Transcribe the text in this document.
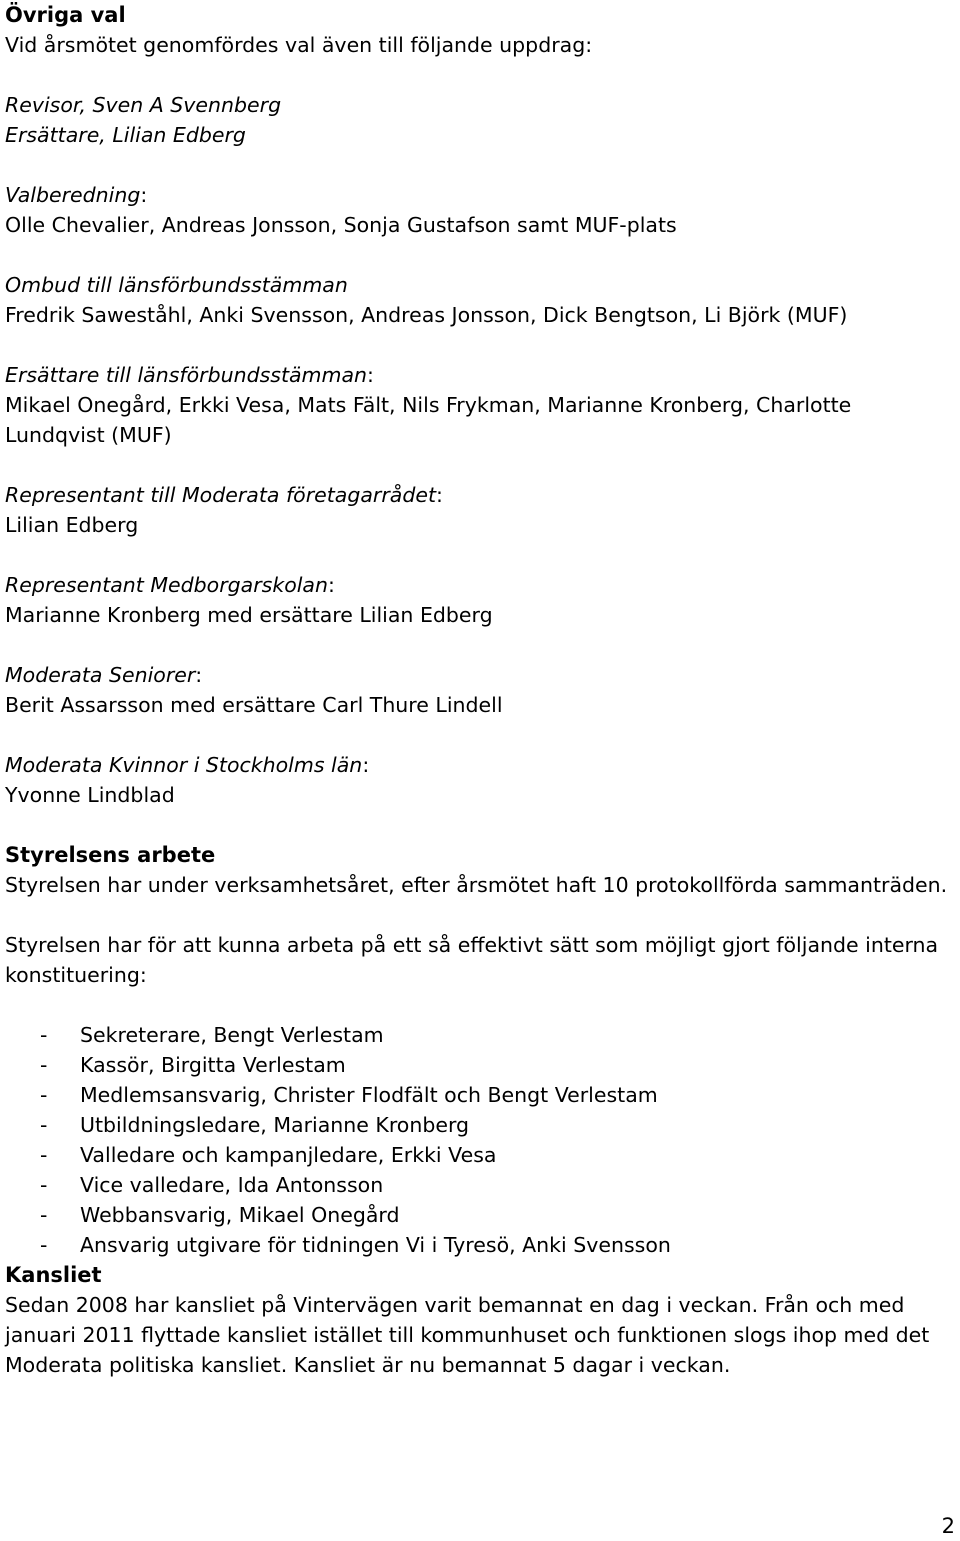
Övriga val

Vid årsmötet genomfördes val även till följande uppdrag:

Revisor, Sven A Svennberg

Ersättare, Lilian Edberg

Valberedning:

Olle Chevalier, Andreas Jonsson, Sonja Gustafson samt MUF-plats

Ombud till länsförbundsstämman

Fredrik Saweståhl, Anki Svensson, Andreas Jonsson, Dick Bengtson, Li Björk (MUF)

Ersättare till länsförbundsstämman:

Mikael Onegård, Erkki Vesa, Mats Fält, Nils Frykman, Marianne Kronberg, Charlotte Lundqvist (MUF)

Representant till Moderata företagarrådet:

Lilian Edberg

Representant Medborgarskolan:

Marianne Kronberg med ersättare Lilian Edberg

Moderata Seniorer:

Berit Assarsson med ersättare Carl Thure Lindell

Moderata Kvinnor i Stockholms län:

Yvonne Lindblad

Styrelsens arbete

Styrelsen har under verksamhetsåret, efter årsmötet haft 10 protokollförda sammanträden.

Styrelsen har för att kunna arbeta på ett så effektivt sätt som möjligt gjort följande interna

konstituering:

- Sekreterare, Bengt Verlestam
- Kassör, Birgitta Verlestam
- Medlemsansvarig, Christer Flodfält och Bengt Verlestam
- Utbildningsledare, Marianne Kronberg
- Valledare och kampanjledare, Erkki Vesa
- Vice valledare, Ida Antonsson
- Webbansvarig, Mikael Onegård
- Ansvarig utgivare för tidningen Vi i Tyresö, Anki Svensson

Kansliet

Sedan 2008 har kansliet på Vintervägen varit bemannat en dag i veckan. Från och med

januari 2011 flyttade kansliet istället till kommunhuset och funktionen slogs ihop med det

Moderata politiska kansliet. Kansliet är nu bemannat 5 dagar i veckan.

2
